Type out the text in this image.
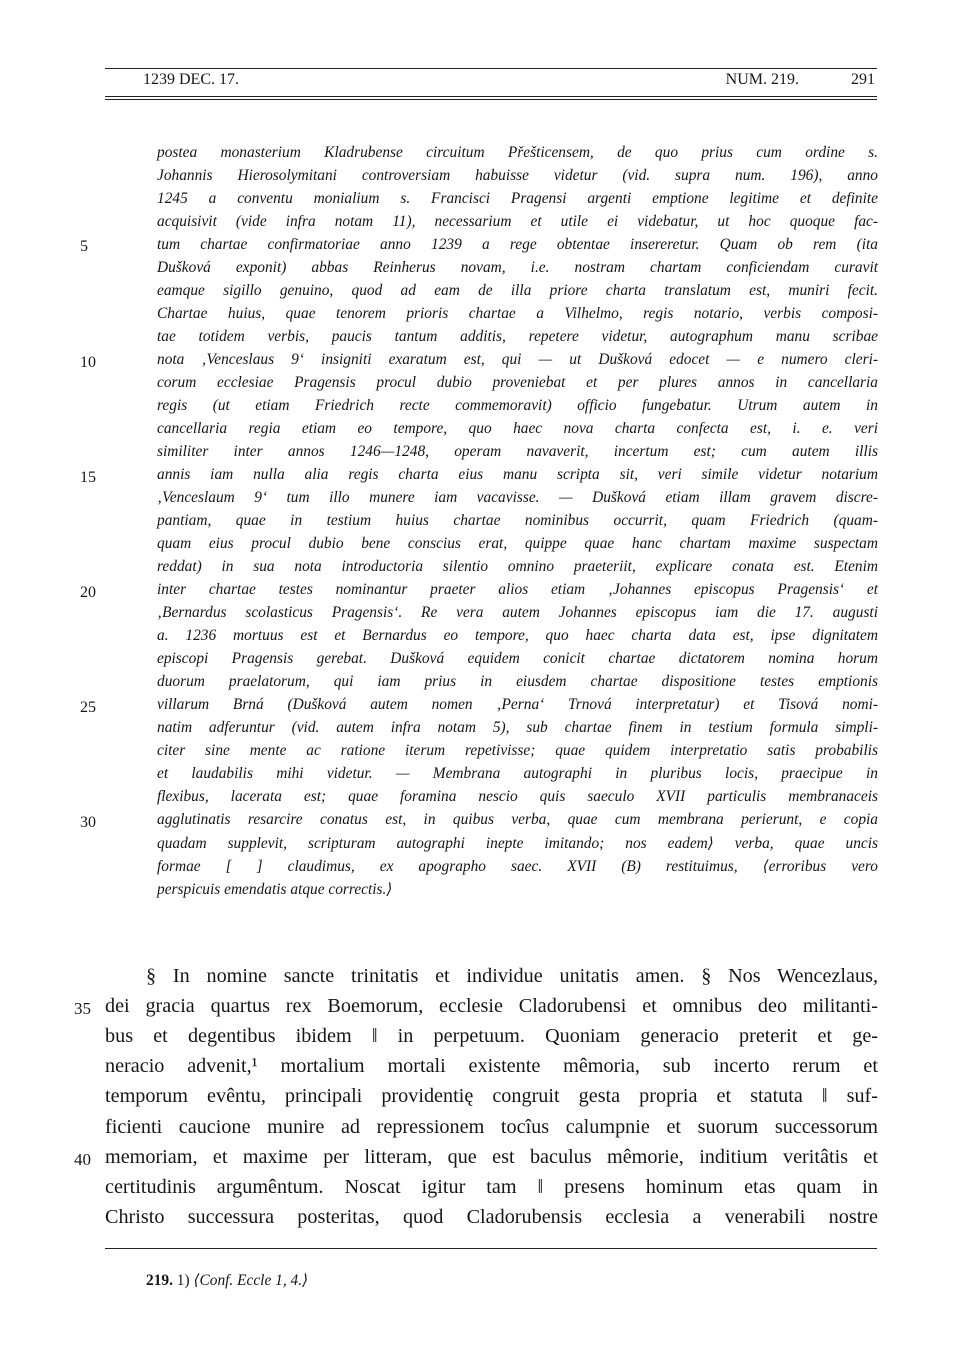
1239 DEC. 17.	NUM. 219.	291
postea monasterium Kladrubense circuitum Přešticensem, de quo prius cum ordine s.
Johannis Hierosolymitani controversiam habuisse videtur (vid. supra num. 196), anno
1245 a conventu monialium s. Francisci Pragensi argenti emptione legitime et definite
acquisivit (vide infra notam 11), necessarium et utile ei videbatur, ut hoc quoque fac-
tum chartae confirmatoriae anno 1239 a rege obtentae insereretur. Quam ob rem (ita
Dušková exponit) abbas Reinherus novam, i.e. nostram chartam conficiendam curavit
eamque sigillo genuino, quod ad eam de illa priore charta translatum est, muniri fecit.
Chartae huius, quae tenorem prioris chartae a Vilhelmo, regis notario, verbis composi-
tae totidem verbis, paucis tantum additis, repetere videtur, autographum manu scribae
nota ‚Venceslaus 9‘ insigniti exaratum est, qui — ut Dušková edocet — e numero cleri-
corum ecclesiae Pragensis procul dubio proveniebat et per plures annos in cancellaria
regis (ut etiam Friedrich recte commemoravit) officio fungebatur. Utrum autem in
cancellaria regia etiam eo tempore, quo haec nova charta confecta est, i. e. veri
similiter inter annos 1246—1248, operam navaverit, incertum est; cum autem illis
annis iam nulla alia regis charta eius manu scripta sit, veri simile videtur notarium
‚Venceslaum 9‘ tum illo munere iam vacavisse. — Dušková etiam illam gravem discre-
pantiam, quae in testium huius chartae nominibus occurrit, quam Friedrich (quam-
quam eius procul dubio bene conscius erat, quippe quae hanc chartam maxime suspectam
reddat) in sua nota introductoria silentio omnino praeteriit, explicare conata est. Etenim
inter chartae testes nominantur praeter alios etiam ‚Johannes episcopus Pragensis‘ et
‚Bernardus scolasticus Pragensis‘. Re vera autem Johannes episcopus iam die 17. augusti
a. 1236 mortuus est et Bernardus eo tempore, quo haec charta data est, ipse dignitatem
episcopi Pragensis gerebat. Dušková equidem conicit chartae dictatorem nomina horum
duorum praelatorum, qui iam prius in eiusdem chartae dispositione testes emptionis
villarum Brná (Dušková autem nomen ‚Perna‘ Trnová interpretatur) et Tisová nomi-
natim adferuntur (vid. autem infra notam 5), sub chartae finem in testium formula simpli-
citer sine mente ac ratione iterum repetivisse; quae quidem interpretatio satis probabilis
et laudabilis mihi videtur. — Membrana autographi in pluribus locis, praecipue in
flexibus, lacerata est; quae foramina nescio quis saeculo XVII particulis membranaceis
agglutinatis resarcire conatus est, in quibus verba, quae cum membrana perierunt, e copia
quadam supplevit, scripturam autographi inepte imitando; nos eadem⟩ verba, quae uncis
formae [ ] claudimus, ex apographo saec. XVII (B) restituimus, ⟨erroribus vero
perspicuis emendatis atque correctis.⟩
5
10
15
20
25
30
§ In nomine sancte trinitatis et individue unitatis amen. § Nos Wencezlaus,
dei gracia quartus rex Boemorum, ecclesie Cladorubensi et omnibus deo militanti-
bus et degentibus ibidem ‖ in perpetuum. Quoniam generacio preterit et ge-
neracio advenit,¹ mortalium mortali existente mêmoria, sub incerto rerum et
temporum evêntu, principali providentię congruit gesta propria et statuta ‖ suf-
ficienti caucione munire ad repressionem tocîus calumpnie et suorum successorum
memoriam, et maxime per litteram, que est baculus mêmorie, inditium veritâtis et
certitudinis argumêntum. Noscat igitur tam ‖ presens hominum etas quam in
Christo successura posteritas, quod Cladorubensis ecclesia a venerabili nostre
35
40
219. 1) ⟨Conf. Eccle 1, 4.⟩
